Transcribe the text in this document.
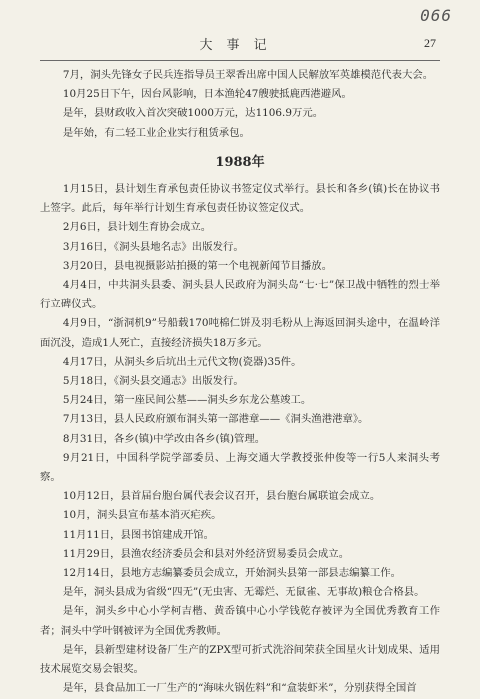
066
大事记	27

7月，洞头先锋女子民兵连指导员王翠香出席中国人民解放军英雄模范代表大会。

10月25日下午，因台风影响，日本渔轮47艘驶抵鹿西港避风。

是年，县财政收入首次突破1000万元，达1106.9万元。

是年始，有二轻工业企业实行租赁承包。

1988年

1月15日，县计划生育承包责任协议书签定仪式举行。县长和各乡(镇)长在协议书上签字。此后，每年举行计划生育承包责任协议签定仪式。

2月6日，县计划生育协会成立。

3月16日，《洞头县地名志》出版发行。

3月20日，县电视摄影站拍摄的第一个电视新闻节目播放。

4月4日，中共洞头县委、洞头县人民政府为洞头岛“七·七”保卫战中牺牲的烈士举行立碑仪式。

4月9日，“浙洞机9”号船载170吨棉仁饼及羽毛粉从上海返回洞头途中，在温岭洋面沉没，造成1人死亡，直接经济损失18万多元。

4月17日，从洞头乡后坑出土元代文物(瓷器)35件。

5月18日，《洞头县交通志》出版发行。

5月24日，第一座民间公墓——洞头乡东龙公墓竣工。

7月13日，县人民政府颁布洞头第一部港章——《洞头渔港港章》。

8月31日，各乡(镇)中学改由各乡(镇)管理。

9月21日，中国科学院学部委员、上海交通大学教授张仲俊等一行5人来洞头考察。

10月12日，县首届台胞台属代表会议召开，县台胞台属联谊会成立。

10月，洞头县宣布基本消灭疟疾。

11月11日，县图书馆建成开馆。

11月29日，县渔农经济委员会和县对外经济贸易委员会成立。

12月14日，县地方志编纂委员会成立，开始洞头县第一部县志编纂工作。

是年，洞头县成为省级“四无”(无虫害、无霉烂、无鼠雀、无事故)粮仓合格县。

是年，洞头乡中心小学柯吉楷、黄岙镇中心小学钱乾存被评为全国优秀教育工作者；洞头中学叶钢被评为全国优秀教师。

是年，县新型建材设备厂生产的ZPX型可折式洗浴间荣获全国星火计划成果、适用技术展览交易会银奖。

是年，县食品加工一厂生产的“海味火锅佐料”和“盒装虾米”，分别获得全国首
